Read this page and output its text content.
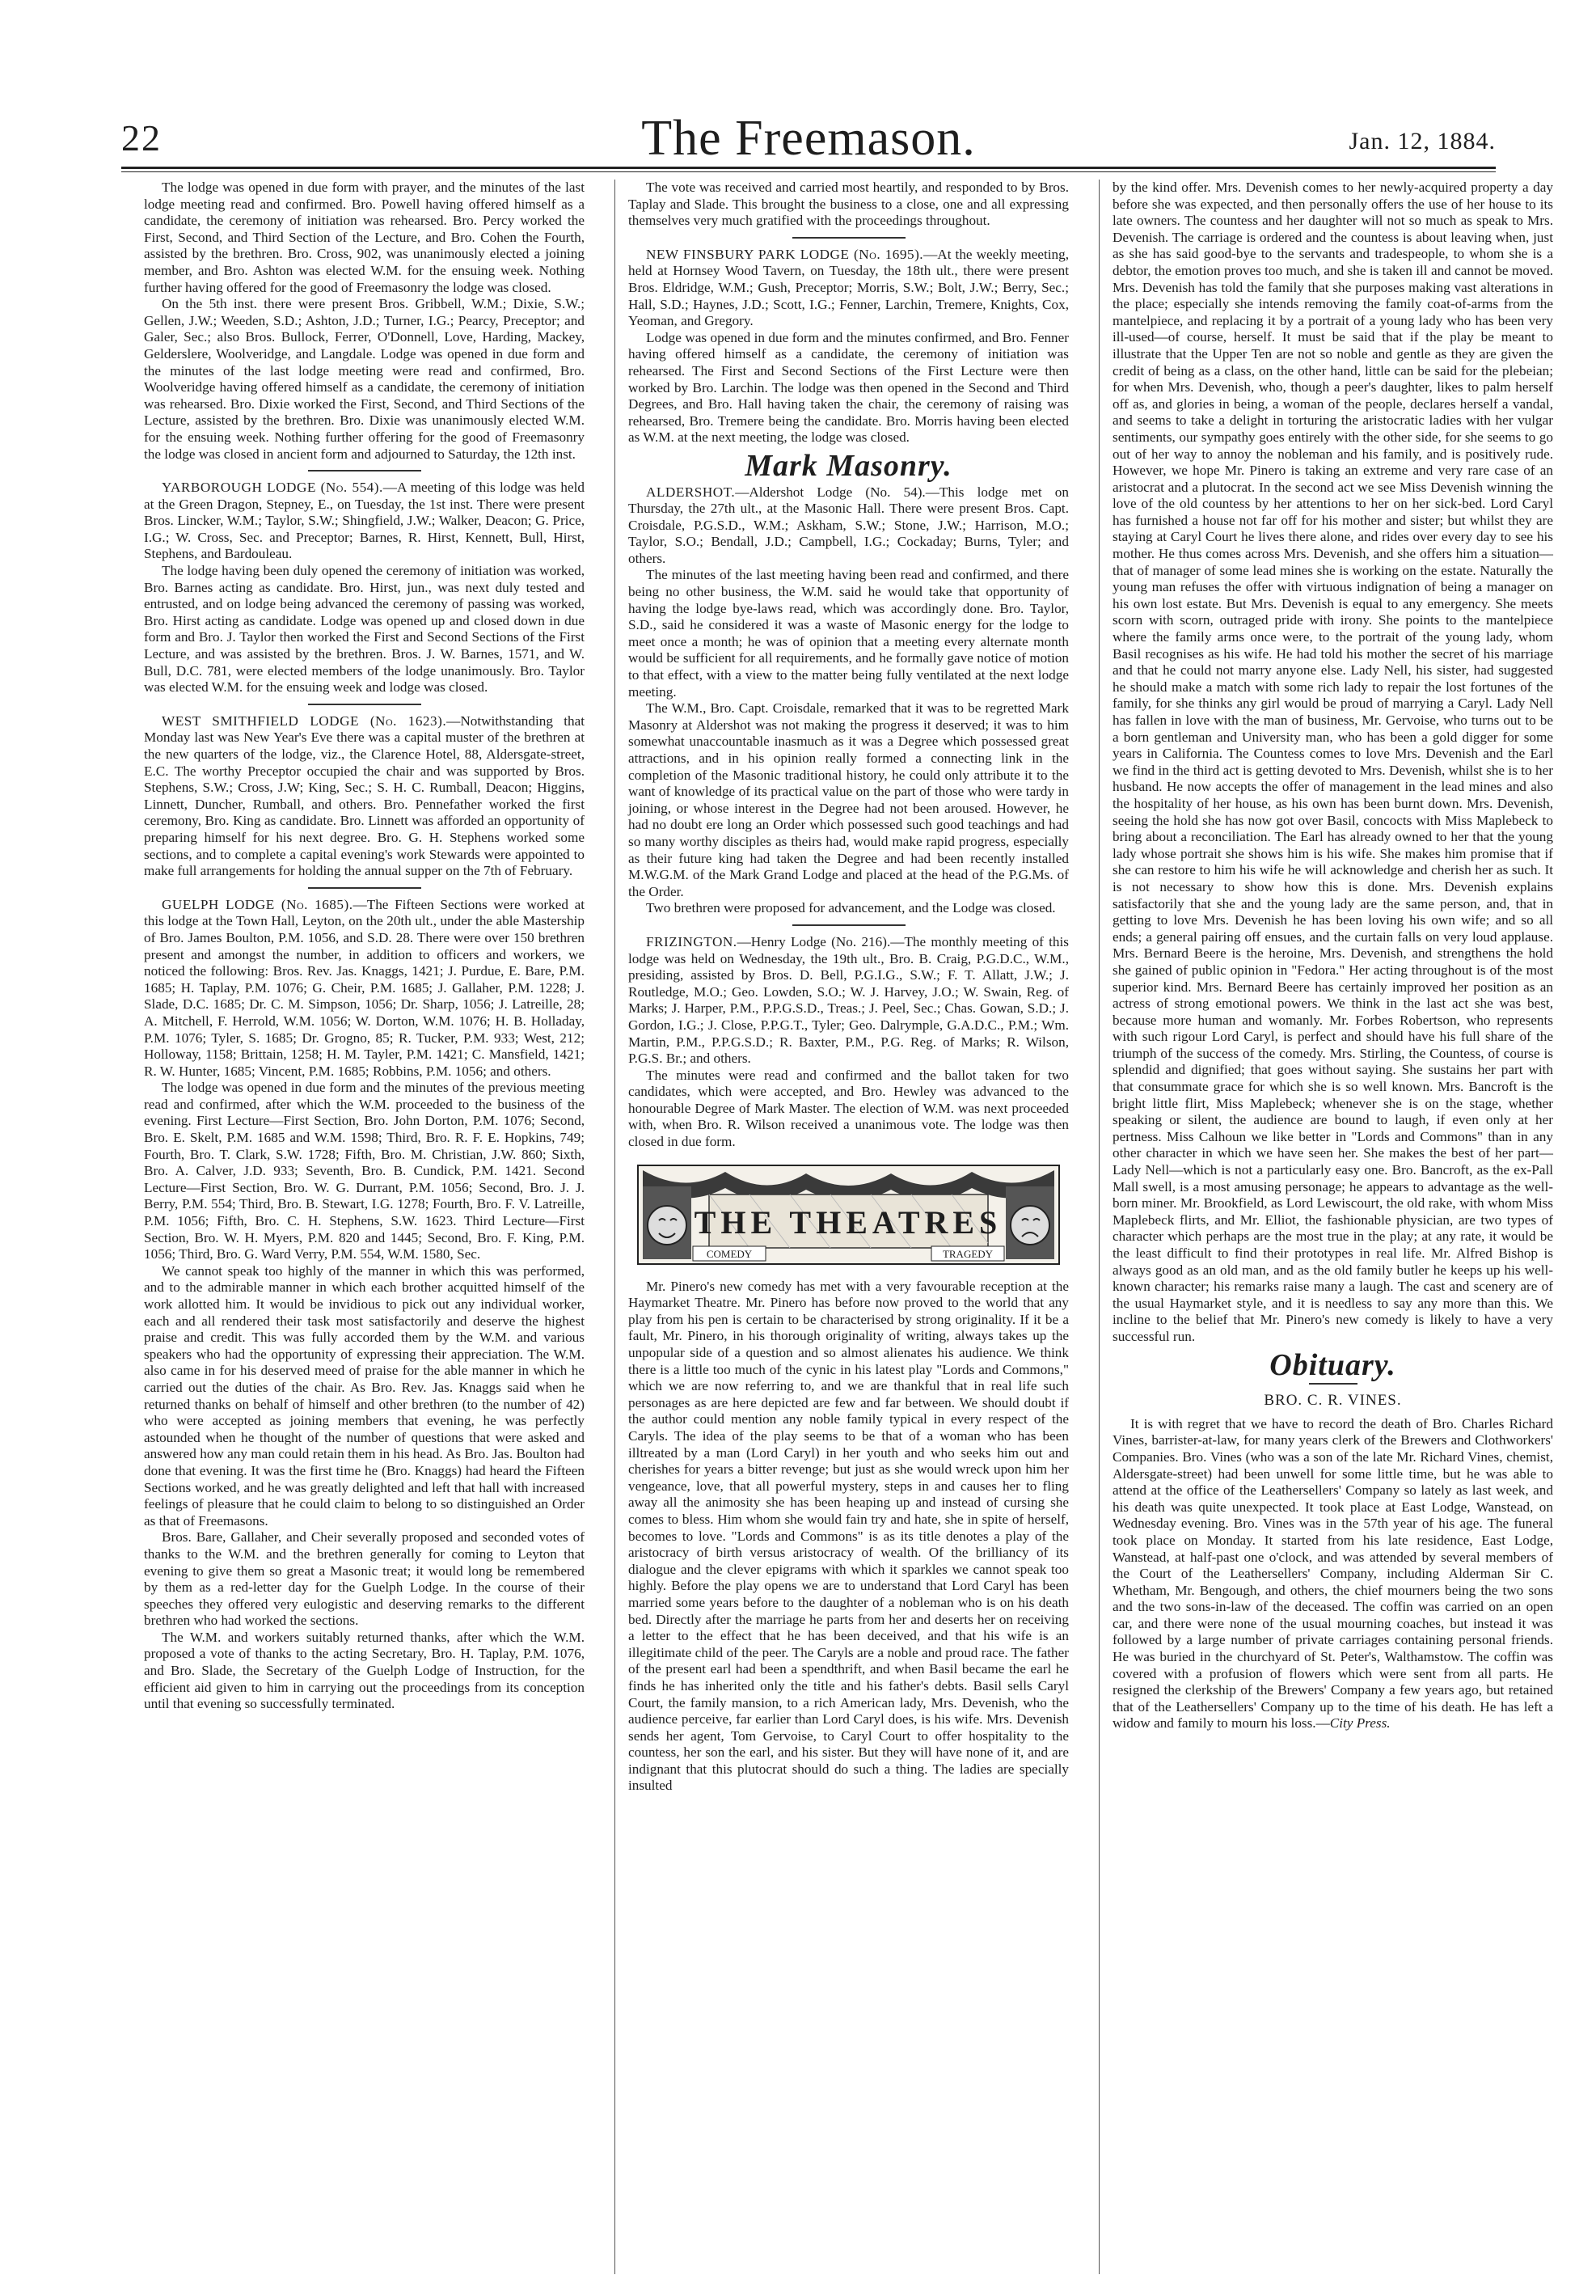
22	The Freemason.	Jan. 12, 1884.

The lodge was opened in due form with prayer, and the minutes of the last lodge meeting read and confirmed. Bro. Powell having offered himself as a candidate, the ceremony of initiation was rehearsed. Bro. Percy worked the First, Second, and Third Section of the Lecture, and Bro. Cohen the Fourth, assisted by the brethren. Bro. Cross, 902, was unanimously elected a joining member, and Bro. Ashton was elected W.M. for the ensuing week. Nothing further having offered for the good of Freemasonry the lodge was closed.

On the 5th inst. there were present Bros. Gribbell, W.M.; Dixie, S.W.; Gellen, J.W.; Weeden, S.D.; Ashton, J.D.; Turner, I.G.; Pearcy, Preceptor; and Galer, Sec.; also Bros. Bullock, Ferrer, O'Donnell, Love, Harding, Mackey, Gelderslere, Woolveridge, and Langdale. Lodge was opened in due form and the minutes of the last lodge meeting were read and confirmed, Bro. Woolveridge having offered himself as a candidate, the ceremony of initiation was rehearsed. Bro. Dixie worked the First, Second, and Third Sections of the Lecture, assisted by the brethren. Bro. Dixie was unanimously elected W.M. for the ensuing week. Nothing further offering for the good of Freemasonry the lodge was closed in ancient form and adjourned to Saturday, the 12th inst.

YARBOROUGH LODGE (No. 554).—A meeting of this lodge was held at the Green Dragon, Stepney, E., on Tuesday, the 1st inst. There were present Bros. Lincker, W.M.; Taylor, S.W.; Shingfield, J.W.; Walker, Deacon; G. Price, I.G.; W. Cross, Sec. and Preceptor; Barnes, R. Hirst, Kennett, Bull, Hirst, Stephens, and Bardouleau.

The lodge having been duly opened the ceremony of initiation was worked, Bro. Barnes acting as candidate. Bro. Hirst, jun., was next duly tested and entrusted, and on lodge being advanced the ceremony of passing was worked, Bro. Hirst acting as candidate. Lodge was opened up and closed down in due form and Bro. J. Taylor then worked the First and Second Sections of the First Lecture, and was assisted by the brethren. Bros. J. W. Barnes, 1571, and W. Bull, D.C. 781, were elected members of the lodge unanimously. Bro. Taylor was elected W.M. for the ensuing week and lodge was closed.

WEST SMITHFIELD LODGE (No. 1623).—Notwithstanding that Monday last was New Year's Eve there was a capital muster of the brethren at the new quarters of the lodge, viz., the Clarence Hotel, 88, Aldersgate-street, E.C. The worthy Preceptor occupied the chair and was supported by Bros. Stephens, S.W.; Cross, J.W; King, Sec.; S. H. C. Rumball, Deacon; Higgins, Linnett, Duncher, Rumball, and others. Bro. Pennefather worked the first ceremony, Bro. King as candidate. Bro. Linnett was afforded an opportunity of preparing himself for his next degree. Bro. G. H. Stephens worked some sections, and to complete a capital evening's work Stewards were appointed to make full arrangements for holding the annual supper on the 7th of February.

GUELPH LODGE (No. 1685).—The Fifteen Sections were worked at this lodge at the Town Hall, Leyton, on the 20th ult., under the able Mastership of Bro. James Boulton, P.M. 1056, and S.D. 28. There were over 150 brethren present and amongst the number, in addition to officers and workers, we noticed the following: Bros. Rev. Jas. Knaggs, 1421; J. Purdue, E. Bare, P.M. 1685; H. Taplay, P.M. 1076; G. Cheir, P.M. 1685; J. Gallaher, P.M. 1228; J. Slade, D.C. 1685; Dr. C. M. Simpson, 1056; Dr. Sharp, 1056; J. Latreille, 28; A. Mitchell, F. Herrold, W.M. 1056; W. Dorton, W.M. 1076; H. B. Holladay, P.M. 1076; Tyler, S. 1685; Dr. Grogno, 85; R. Tucker, P.M. 933; West, 212; Holloway, 1158; Brittain, 1258; H. M. Tayler, P.M. 1421; C. Mansfield, 1421; R. W. Hunter, 1685; Vincent, P.M. 1685; Robbins, P.M. 1056; and others.

The lodge was opened in due form and the minutes of the previous meeting read and confirmed, after which the W.M. proceeded to the business of the evening. First Lecture—First Section, Bro. John Dorton, P.M. 1076; Second, Bro. E. Skelt, P.M. 1685 and W.M. 1598; Third, Bro. R. F. E. Hopkins, 749; Fourth, Bro. T. Clark, S.W. 1728; Fifth, Bro. M. Christian, J.W. 860; Sixth, Bro. A. Calver, J.D. 933; Seventh, Bro. B. Cundick, P.M. 1421. Second Lecture—First Section, Bro. W. G. Durrant, P.M. 1056; Second, Bro. J. J. Berry, P.M. 554; Third, Bro. B. Stewart, I.G. 1278; Fourth, Bro. F. V. Latreille, P.M. 1056; Fifth, Bro. C. H. Stephens, S.W. 1623. Third Lecture—First Section, Bro. W. H. Myers, P.M. 820 and 1445; Second, Bro. F. King, P.M. 1056; Third, Bro. G. Ward Verry, P.M. 554, W.M. 1580, Sec.

We cannot speak too highly of the manner in which this was performed, and to the admirable manner in which each brother acquitted himself of the work allotted him. It would be invidious to pick out any individual worker, each and all rendered their task most satisfactorily and deserve the highest praise and credit. This was fully accorded them by the W.M. and various speakers who had the opportunity of expressing their appreciation. The W.M. also came in for his deserved meed of praise for the able manner in which he carried out the duties of the chair. As Bro. Rev. Jas. Knaggs said when he returned thanks on behalf of himself and other brethren (to the number of 42) who were accepted as joining members that evening, he was perfectly astounded when he thought of the number of questions that were asked and answered how any man could retain them in his head. As Bro. Jas. Boulton had done that evening. It was the first time he (Bro. Knaggs) had heard the Fifteen Sections worked, and he was greatly delighted and left that hall with increased feelings of pleasure that he could claim to belong to so distinguished an Order as that of Freemasons.

Bros. Bare, Gallaher, and Cheir severally proposed and seconded votes of thanks to the W.M. and the brethren generally for coming to Leyton that evening to give them so great a Masonic treat; it would long be remembered by them as a red-letter day for the Guelph Lodge. In the course of their speeches they offered very eulogistic and deserving remarks to the different brethren who had worked the sections.

The W.M. and workers suitably returned thanks, after which the W.M. proposed a vote of thanks to the acting Secretary, Bro. H. Taplay, P.M. 1076, and Bro. Slade, the Secretary of the Guelph Lodge of Instruction, for the efficient aid given to him in carrying out the proceedings from its conception until that evening so successfully terminated.

The vote was received and carried most heartily, and responded to by Bros. Taplay and Slade. This brought the business to a close, one and all expressing themselves very much gratified with the proceedings throughout.

NEW FINSBURY PARK LODGE (No. 1695).—At the weekly meeting, held at Hornsey Wood Tavern, on Tuesday, the 18th ult., there were present Bros. Eldridge, W.M.; Gush, Preceptor; Morris, S.W.; Bolt, J.W.; Berry, Sec.; Hall, S.D.; Haynes, J.D.; Scott, I.G.; Fenner, Larchin, Tremere, Knights, Cox, Yeoman, and Gregory.

Lodge was opened in due form and the minutes confirmed, and Bro. Fenner having offered himself as a candidate, the ceremony of initiation was rehearsed. The First and Second Sections of the First Lecture were then worked by Bro. Larchin. The lodge was then opened in the Second and Third Degrees, and Bro. Hall having taken the chair, the ceremony of raising was rehearsed, Bro. Tremere being the candidate. Bro. Morris having been elected as W.M. at the next meeting, the lodge was closed.

Mark Masonry.

ALDERSHOT.—Aldershot Lodge (No. 54).—This lodge met on Thursday, the 27th ult., at the Masonic Hall. There were present Bros. Capt. Croisdale, P.G.S.D., W.M.; Askham, S.W.; Stone, J.W.; Harrison, M.O.; Taylor, S.O.; Bendall, J.D.; Campbell, I.G.; Cockaday; Burns, Tyler; and others.

The minutes of the last meeting having been read and confirmed, and there being no other business, the W.M. said he would take that opportunity of having the lodge bye-laws read, which was accordingly done. Bro. Taylor, S.D., said he considered it was a waste of Masonic energy for the lodge to meet once a month; he was of opinion that a meeting every alternate month would be sufficient for all requirements, and he formally gave notice of motion to that effect, with a view to the matter being fully ventilated at the next lodge meeting.

The W.M., Bro. Capt. Croisdale, remarked that it was to be regretted Mark Masonry at Aldershot was not making the progress it deserved; it was to him somewhat unaccountable inasmuch as it was a Degree which possessed great attractions, and in his opinion really formed a connecting link in the completion of the Masonic traditional history, he could only attribute it to the want of knowledge of its practical value on the part of those who were tardy in joining, or whose interest in the Degree had not been aroused. However, he had no doubt ere long an Order which possessed such good teachings and had so many worthy disciples as theirs had, would make rapid progress, especially as their future king had taken the Degree and had been recently installed M.W.G.M. of the Mark Grand Lodge and placed at the head of the P.G.Ms. of the Order.

Two brethren were proposed for advancement, and the Lodge was closed.

FRIZINGTON.—Henry Lodge (No. 216).—The monthly meeting of this lodge was held on Wednesday, the 19th ult., Bro. B. Craig, P.G.D.C., W.M., presiding, assisted by Bros. D. Bell, P.G.I.G., S.W.; F. T. Allatt, J.W.; J. Routledge, M.O.; Geo. Lowden, S.O.; W. J. Harvey, J.O.; W. Swain, Reg. of Marks; J. Harper, P.M., P.P.G.S.D., Treas.; J. Peel, Sec.; Chas. Gowan, S.D.; J. Gordon, I.G.; J. Close, P.P.G.T., Tyler; Geo. Dalrymple, G.A.D.C., P.M.; Wm. Martin, P.M., P.P.G.S.D.; R. Baxter, P.M., P.G. Reg. of Marks; R. Wilson, P.G.S. Br.; and others.

The minutes were read and confirmed and the ballot taken for two candidates, which were accepted, and Bro. Hewley was advanced to the honourable Degree of Mark Master. The election of W.M. was next proceeded with, when Bro. R. Wilson received a unanimous vote. The lodge was then closed in due form.

THE THEATRES
COMEDY	TRAGEDY

Mr. Pinero's new comedy has met with a very favourable reception at the Haymarket Theatre. Mr. Pinero has before now proved to the world that any play from his pen is certain to be characterised by strong originality. If it be a fault, Mr. Pinero, in his thorough originality of writing, always takes up the unpopular side of a question and so almost alienates his audience. We think there is a little too much of the cynic in his latest play "Lords and Commons," which we are now referring to, and we are thankful that in real life such personages as are here depicted are few and far between. We should doubt if the author could mention any noble family typical in every respect of the Caryls. The idea of the play seems to be that of a woman who has been illtreated by a man (Lord Caryl) in her youth and who seeks him out and cherishes for years a bitter revenge; but just as she would wreck upon him her vengeance, love, that all powerful mystery, steps in and causes her to fling away all the animosity she has been heaping up and instead of cursing she comes to bless. Him whom she would fain try and hate, she in spite of herself, becomes to love. "Lords and Commons" is as its title denotes a play of the aristocracy of birth versus aristocracy of wealth. Of the brilliancy of its dialogue and the clever epigrams with which it sparkles we cannot speak too highly. Before the play opens we are to understand that Lord Caryl has been married some years before to the daughter of a nobleman who is on his death bed. Directly after the marriage he parts from her and deserts her on receiving a letter to the effect that he has been deceived, and that his wife is an illegitimate child of the peer. The Caryls are a noble and proud race. The father of the present earl had been a spendthrift, and when Basil became the earl he finds he has inherited only the title and his father's debts. Basil sells Caryl Court, the family mansion, to a rich American lady, Mrs. Devenish, who the audience perceive, far earlier than Lord Caryl does, is his wife. Mrs. Devenish sends her agent, Tom Gervoise, to Caryl Court to offer hospitality to the countess, her son the earl, and his sister. But they will have none of it, and are indignant that this plutocrat should do such a thing. The ladies are specially insulted

by the kind offer. Mrs. Devenish comes to her newly-acquired property a day before she was expected, and then personally offers the use of her house to its late owners. The countess and her daughter will not so much as speak to Mrs. Devenish. The carriage is ordered and the countess is about leaving when, just as she has said good-bye to the servants and tradespeople, to whom she is a debtor, the emotion proves too much, and she is taken ill and cannot be moved. Mrs. Devenish has told the family that she purposes making vast alterations in the place; especially she intends removing the family coat-of-arms from the mantelpiece, and replacing it by a portrait of a young lady who has been very ill-used—of course, herself. It must be said that if the play be meant to illustrate that the Upper Ten are not so noble and gentle as they are given the credit of being as a class, on the other hand, little can be said for the plebeian; for when Mrs. Devenish, who, though a peer's daughter, likes to palm herself off as, and glories in being, a woman of the people, declares herself a vandal, and seems to take a delight in torturing the aristocratic ladies with her vulgar sentiments, our sympathy goes entirely with the other side, for she seems to go out of her way to annoy the nobleman and his family, and is positively rude. However, we hope Mr. Pinero is taking an extreme and very rare case of an aristocrat and a plutocrat. In the second act we see Miss Devenish winning the love of the old countess by her attentions to her on her sick-bed. Lord Caryl has furnished a house not far off for his mother and sister; but whilst they are staying at Caryl Court he lives there alone, and rides over every day to see his mother. He thus comes across Mrs. Devenish, and she offers him a situation—that of manager of some lead mines she is working on the estate. Naturally the young man refuses the offer with virtuous indignation of being a manager on his own lost estate. But Mrs. Devenish is equal to any emergency. She meets scorn with scorn, outraged pride with irony. She points to the mantelpiece where the family arms once were, to the portrait of the young lady, whom Basil recognises as his wife. He had told his mother the secret of his marriage and that he could not marry anyone else. Lady Nell, his sister, had suggested he should make a match with some rich lady to repair the lost fortunes of the family, for she thinks any girl would be proud of marrying a Caryl. Lady Nell has fallen in love with the man of business, Mr. Gervoise, who turns out to be a born gentleman and University man, who has been a gold digger for some years in California. The Countess comes to love Mrs. Devenish and the Earl we find in the third act is getting devoted to Mrs. Devenish, whilst she is to her husband. He now accepts the offer of management in the lead mines and also the hospitality of her house, as his own has been burnt down. Mrs. Devenish, seeing the hold she has now got over Basil, concocts with Miss Maplebeck to bring about a reconciliation. The Earl has already owned to her that the young lady whose portrait she shows him is his wife. She makes him promise that if she can restore to him his wife he will acknowledge and cherish her as such. It is not necessary to show how this is done. Mrs. Devenish explains satisfactorily that she and the young lady are the same person, and, that in getting to love Mrs. Devenish he has been loving his own wife; and so all ends; a general pairing off ensues, and the curtain falls on very loud applause. Mrs. Bernard Beere is the heroine, Mrs. Devenish, and strengthens the hold she gained of public opinion in "Fedora." Her acting throughout is of the most superior kind. Mrs. Bernard Beere has certainly improved her position as an actress of strong emotional powers. We think in the last act she was best, because more human and womanly. Mr. Forbes Robertson, who represents with such rigour Lord Caryl, is perfect and should have his full share of the triumph of the success of the comedy. Mrs. Stirling, the Countess, of course is splendid and dignified; that goes without saying. She sustains her part with that consummate grace for which she is so well known. Mrs. Bancroft is the bright little flirt, Miss Maplebeck; whenever she is on the stage, whether speaking or silent, the audience are bound to laugh, if even only at her pertness. Miss Calhoun we like better in "Lords and Commons" than in any other character in which we have seen her. She makes the best of her part—Lady Nell—which is not a particularly easy one. Bro. Bancroft, as the ex-Pall Mall swell, is a most amusing personage; he appears to advantage as the well-born miner. Mr. Brookfield, as Lord Lewiscourt, the old rake, with whom Miss Maplebeck flirts, and Mr. Elliot, the fashionable physician, are two types of character which perhaps are the most true in the play; at any rate, it would be the least difficult to find their prototypes in real life. Mr. Alfred Bishop is always good as an old man, and as the old family butler he keeps up his well-known character; his remarks raise many a laugh. The cast and scenery are of the usual Haymarket style, and it is needless to say any more than this. We incline to the belief that Mr. Pinero's new comedy is likely to have a very successful run.

Obituary.
BRO. C. R. VINES.

It is with regret that we have to record the death of Bro. Charles Richard Vines, barrister-at-law, for many years clerk of the Brewers and Clothworkers' Companies. Bro. Vines (who was a son of the late Mr. Richard Vines, chemist, Aldersgate-street) had been unwell for some little time, but he was able to attend at the office of the Leathersellers' Company so lately as last week, and his death was quite unexpected. It took place at East Lodge, Wanstead, on Wednesday evening. Bro. Vines was in the 57th year of his age. The funeral took place on Monday. It started from his late residence, East Lodge, Wanstead, at half-past one o'clock, and was attended by several members of the Court of the Leathersellers' Company, including Alderman Sir C. Whetham, Mr. Bengough, and others, the chief mourners being the two sons and the two sons-in-law of the deceased. The coffin was carried on an open car, and there were none of the usual mourning coaches, but instead it was followed by a large number of private carriages containing personal friends. He was buried in the churchyard of St. Peter's, Walthamstow. The coffin was covered with a profusion of flowers which were sent from all parts. He resigned the clerkship of the Brewers' Company a few years ago, but retained that of the Leathersellers' Company up to the time of his death. He has left a widow and family to mourn his loss.—City Press.
